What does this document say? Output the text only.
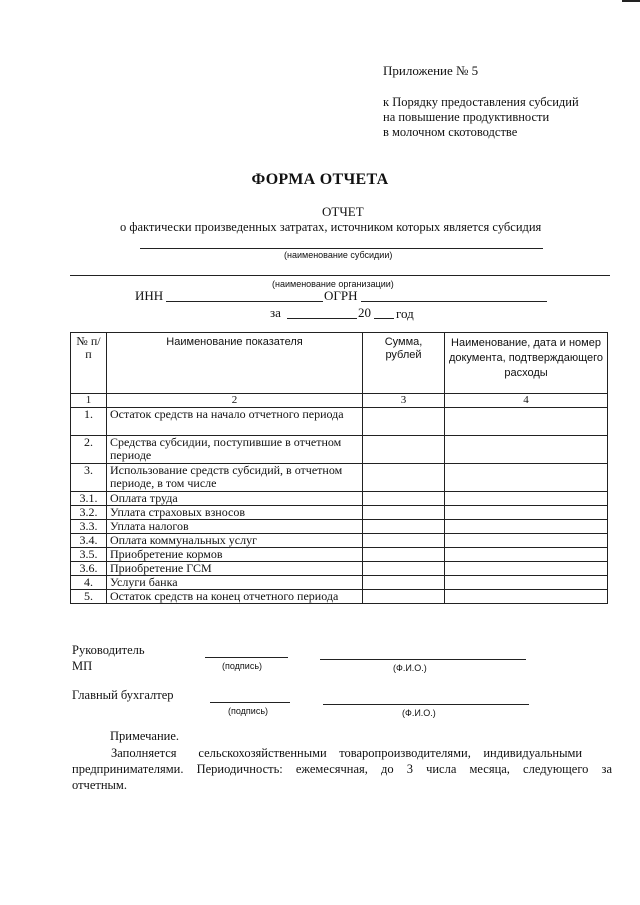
Приложение № 5
к Порядку предоставления субсидий
на повышение продуктивности
в молочном скотоводстве
ФОРМА ОТЧЕТА
ОТЧЕТ
о фактически произведенных затратах, источником которых является субсидия
(наименование субсидии)
(наименование организации)
ИНН	ОГРН
за	20 год
№ п/п	Наименование показателя	Сумма, рублей	Наименование, дата и номер документа, подтверждающего расходы

1	2	3	4
1.	Остаток средств на начало отчетного периода		
2.	Средства субсидии, поступившие в отчетном периоде		
3.	Использование средств субсидий, в отчетном периоде, в том числе		
3.1.	Оплата труда		
3.2.	Уплата страховых взносов		
3.3.	Уплата налогов		
3.4.	Оплата коммунальных услуг		
3.5.	Приобретение кормов		
3.6.	Приобретение ГСМ		
4.	Услуги банка		
5.	Остаток средств на конец отчетного периода		
Руководитель
МП	(подпись)	(Ф.И.О.)
Главный бухгалтер
(подпись)	(Ф.И.О.)
Примечание.
Заполняется       сельскохозяйственными    товаропроизводителями,    индивидуальными
предпринимателями.  Периодичность:  ежемесячная,  до  3  числа  месяца,  следующего  за отчетным.
